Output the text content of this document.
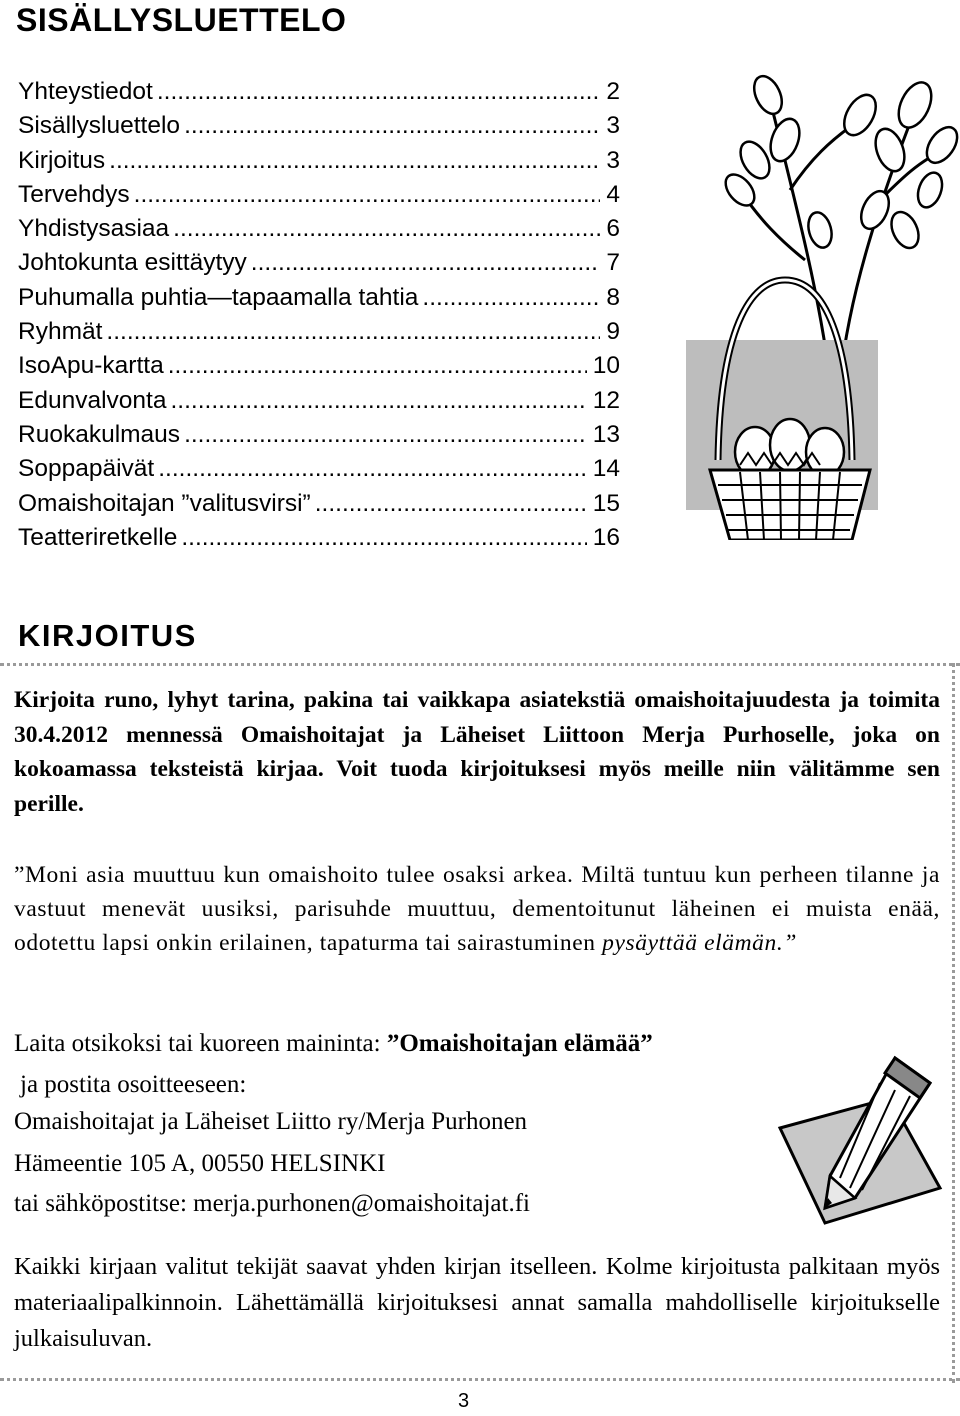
SISÄLLYSLUETTELO
Yhteystiedot .....	2
Sisällysluettelo .....	3
Kirjoitus .....	3
Tervehdys .....	4
Yhdistysasiaa .....	6
Johtokunta esittäytyy .....	7
Puhumalla puhtia—tapaamalla tahtia .....	8
Ryhmät .....	9
IsoApu-kartta .....	10
Edunvalvonta .....	12
Ruokakulmaus .....	13
Soppapäivät .....	14
Omaishoitajan ”valitusvirsi” .....	15
Teatteriretkelle .....	16
KIRJOITUS

Kirjoita runo, lyhyt tarina, pakina tai vaikkapa asiatekstiä omaishoitajuudesta ja toimita 30.4.2012 mennessä Omaishoitajat ja Läheiset Liittoon Merja Purhoselle, joka on kokoamassa teksteistä kirjaa. Voit tuoda kirjoituksesi myös meille niin välitämme sen perille.

”Moni asia muuttuu kun omaishoito tulee osaksi arkea. Miltä tuntuu kun perheen tilanne ja vastuut menevät uusiksi, parisuhde muuttuu, dementoitunut läheinen ei muista enää, odotettu lapsi onkin erilainen, tapaturma tai sairastuminen pysäyttää elämän.”

Laita otsikoksi tai kuoreen maininta: ”Omaishoitajan elämää”
ja postita osoitteeseen:
Omaishoitajat ja Läheiset Liitto ry/Merja Purhonen
Hämeentie 105 A, 00550 HELSINKI
tai sähköpostitse: merja.purhonen@omaishoitajat.fi

Kaikki kirjaan valitut tekijät saavat yhden kirjan itselleen. Kolme kirjoitusta palkitaan myös materiaalipalkinnoin. Lähettämällä kirjoituksesi annat samalla mahdolliselle kirjoitukselle julkaisuluvan.

3
